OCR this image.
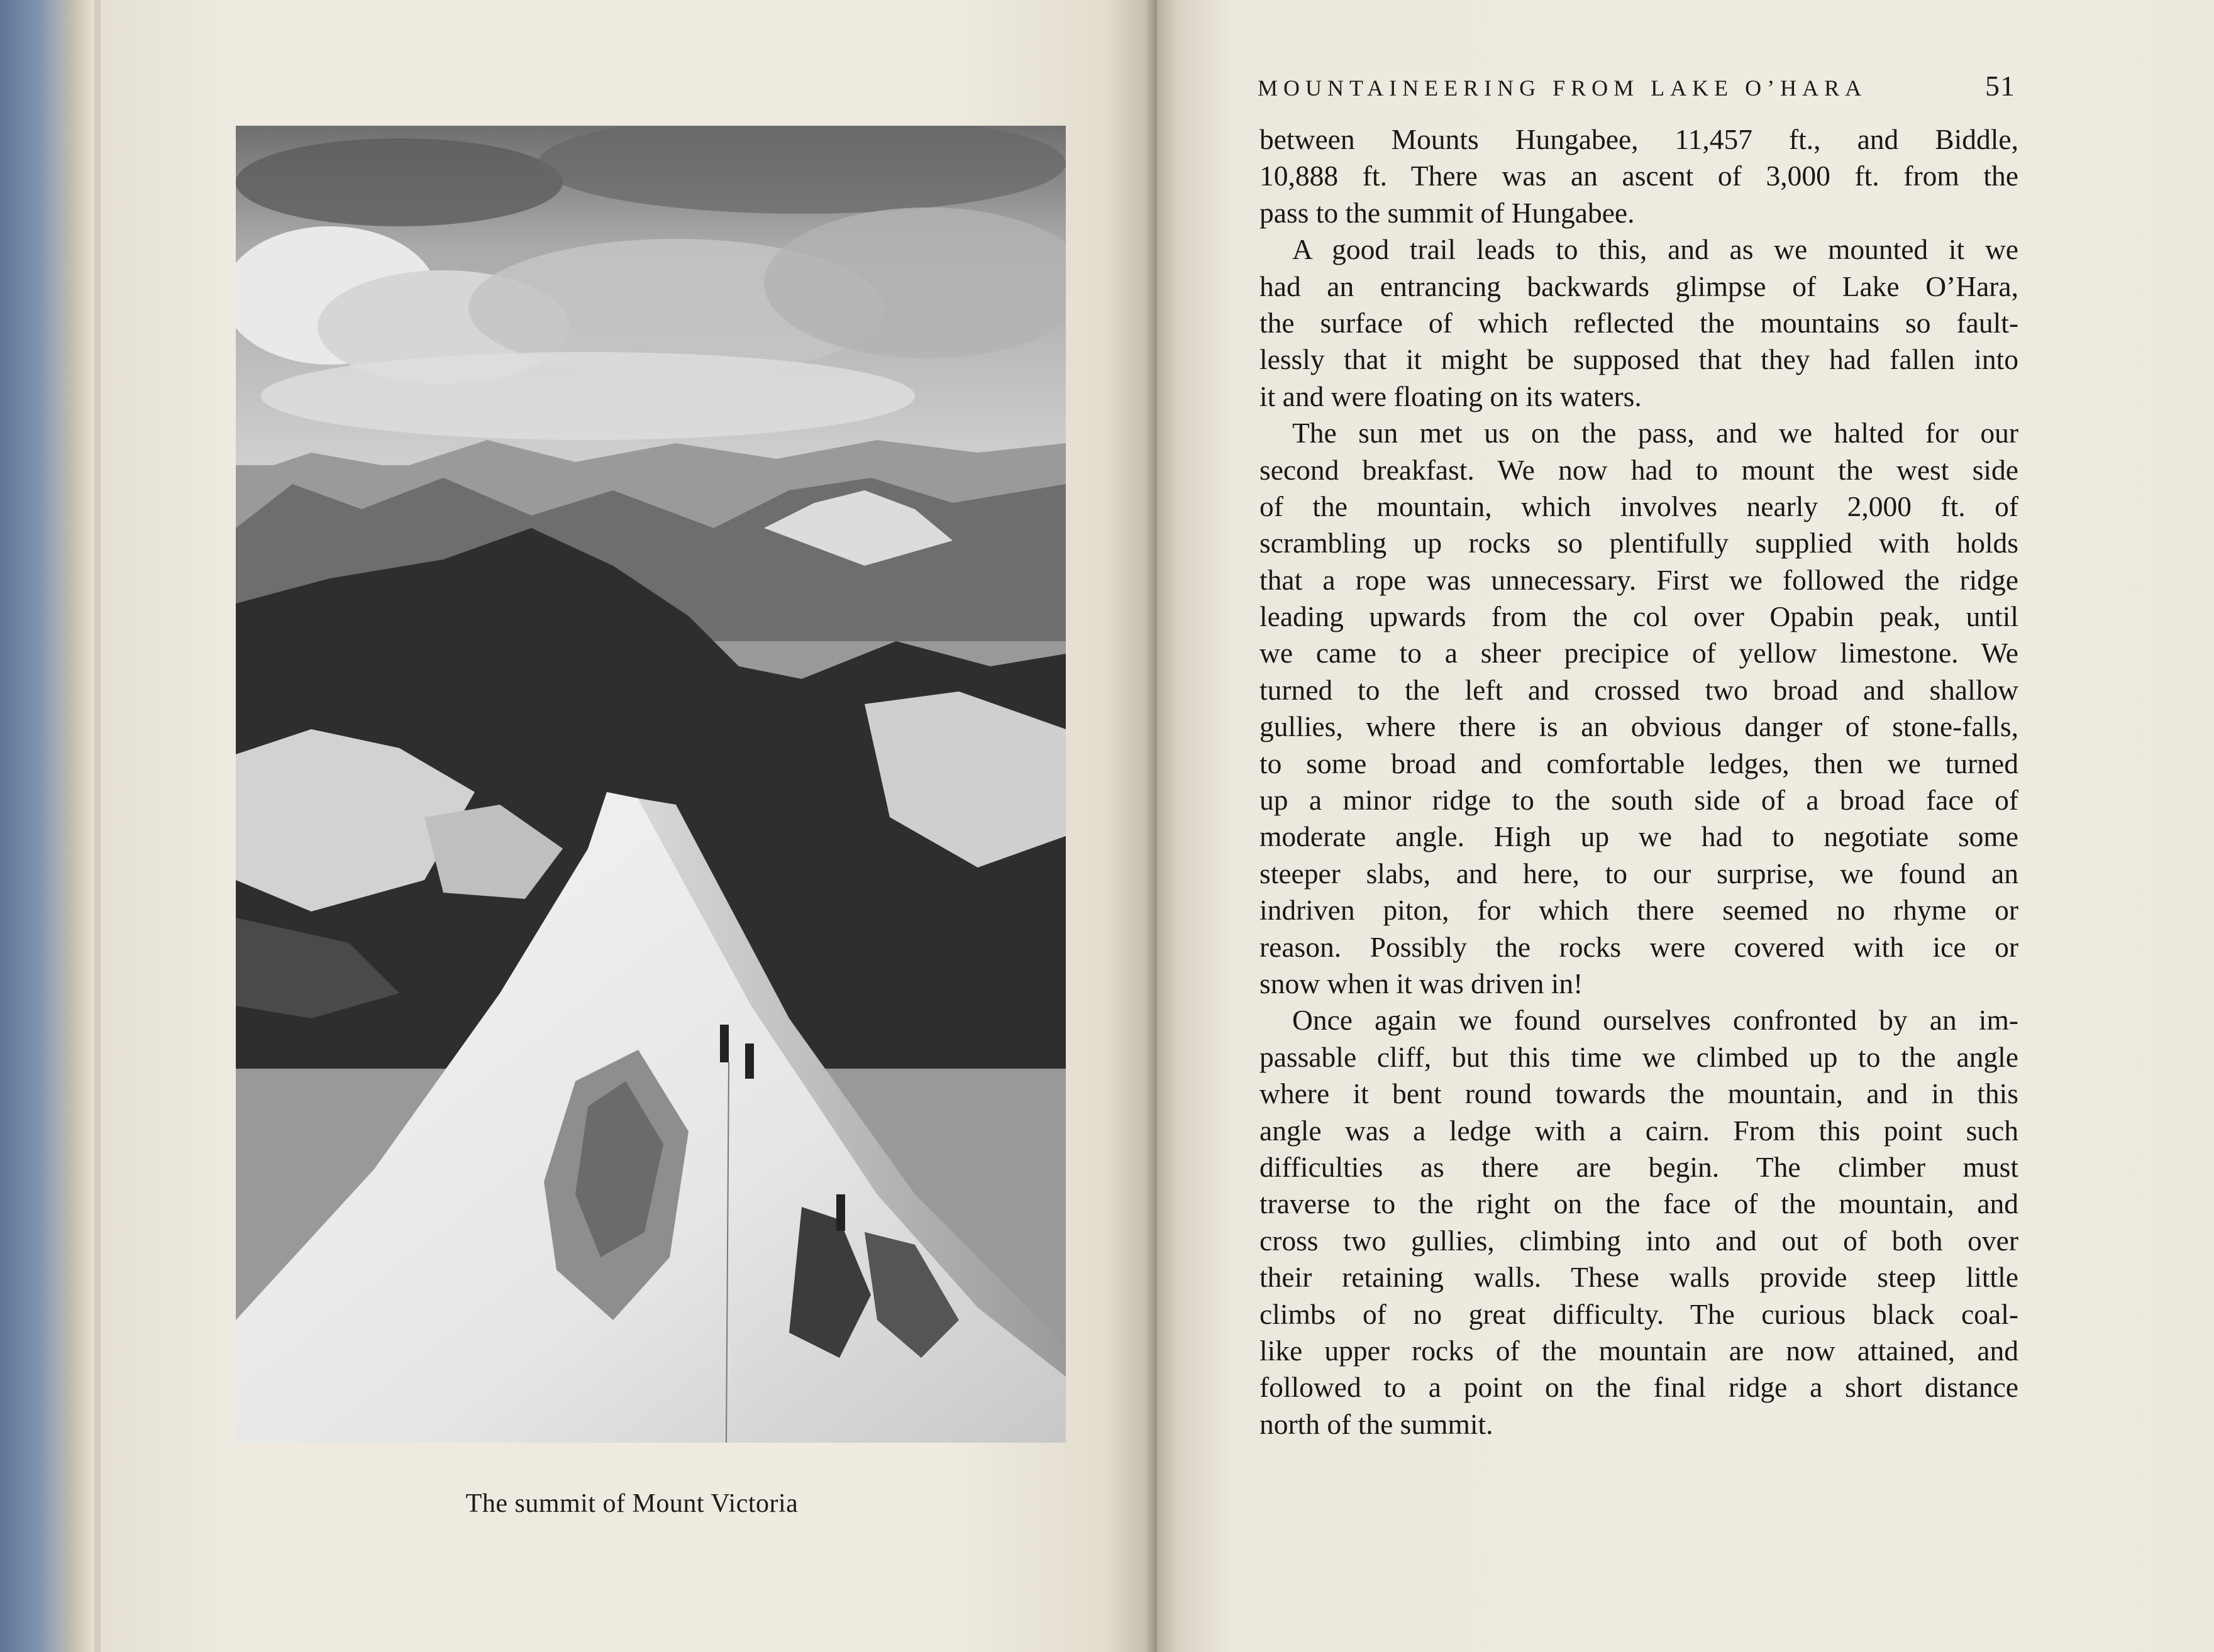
The summit of Mount Victoria
MOUNTAINEERING FROM LAKE O’HARA	51
between Mounts Hungabee, 11,457 ft., and Biddle,
10,888 ft. There was an ascent of 3,000 ft. from the
pass to the summit of Hungabee.
A good trail leads to this, and as we mounted it we
had an entrancing backwards glimpse of Lake O’Hara,
the surface of which reflected the mountains so fault-
lessly that it might be supposed that they had fallen into
it and were floating on its waters.
The sun met us on the pass, and we halted for our
second breakfast. We now had to mount the west side
of the mountain, which involves nearly 2,000 ft. of
scrambling up rocks so plentifully supplied with holds
that a rope was unnecessary. First we followed the ridge
leading upwards from the col over Opabin peak, until
we came to a sheer precipice of yellow limestone. We
turned to the left and crossed two broad and shallow
gullies, where there is an obvious danger of stone-falls,
to some broad and comfortable ledges, then we turned
up a minor ridge to the south side of a broad face of
moderate angle. High up we had to negotiate some
steeper slabs, and here, to our surprise, we found an
indriven piton, for which there seemed no rhyme or
reason. Possibly the rocks were covered with ice or
snow when it was driven in!
Once again we found ourselves confronted by an im-
passable cliff, but this time we climbed up to the angle
where it bent round towards the mountain, and in this
angle was a ledge with a cairn. From this point such
difficulties as there are begin. The climber must
traverse to the right on the face of the mountain, and
cross two gullies, climbing into and out of both over
their retaining walls. These walls provide steep little
climbs of no great difficulty. The curious black coal-
like upper rocks of the mountain are now attained, and
followed to a point on the final ridge a short distance
north of the summit.
